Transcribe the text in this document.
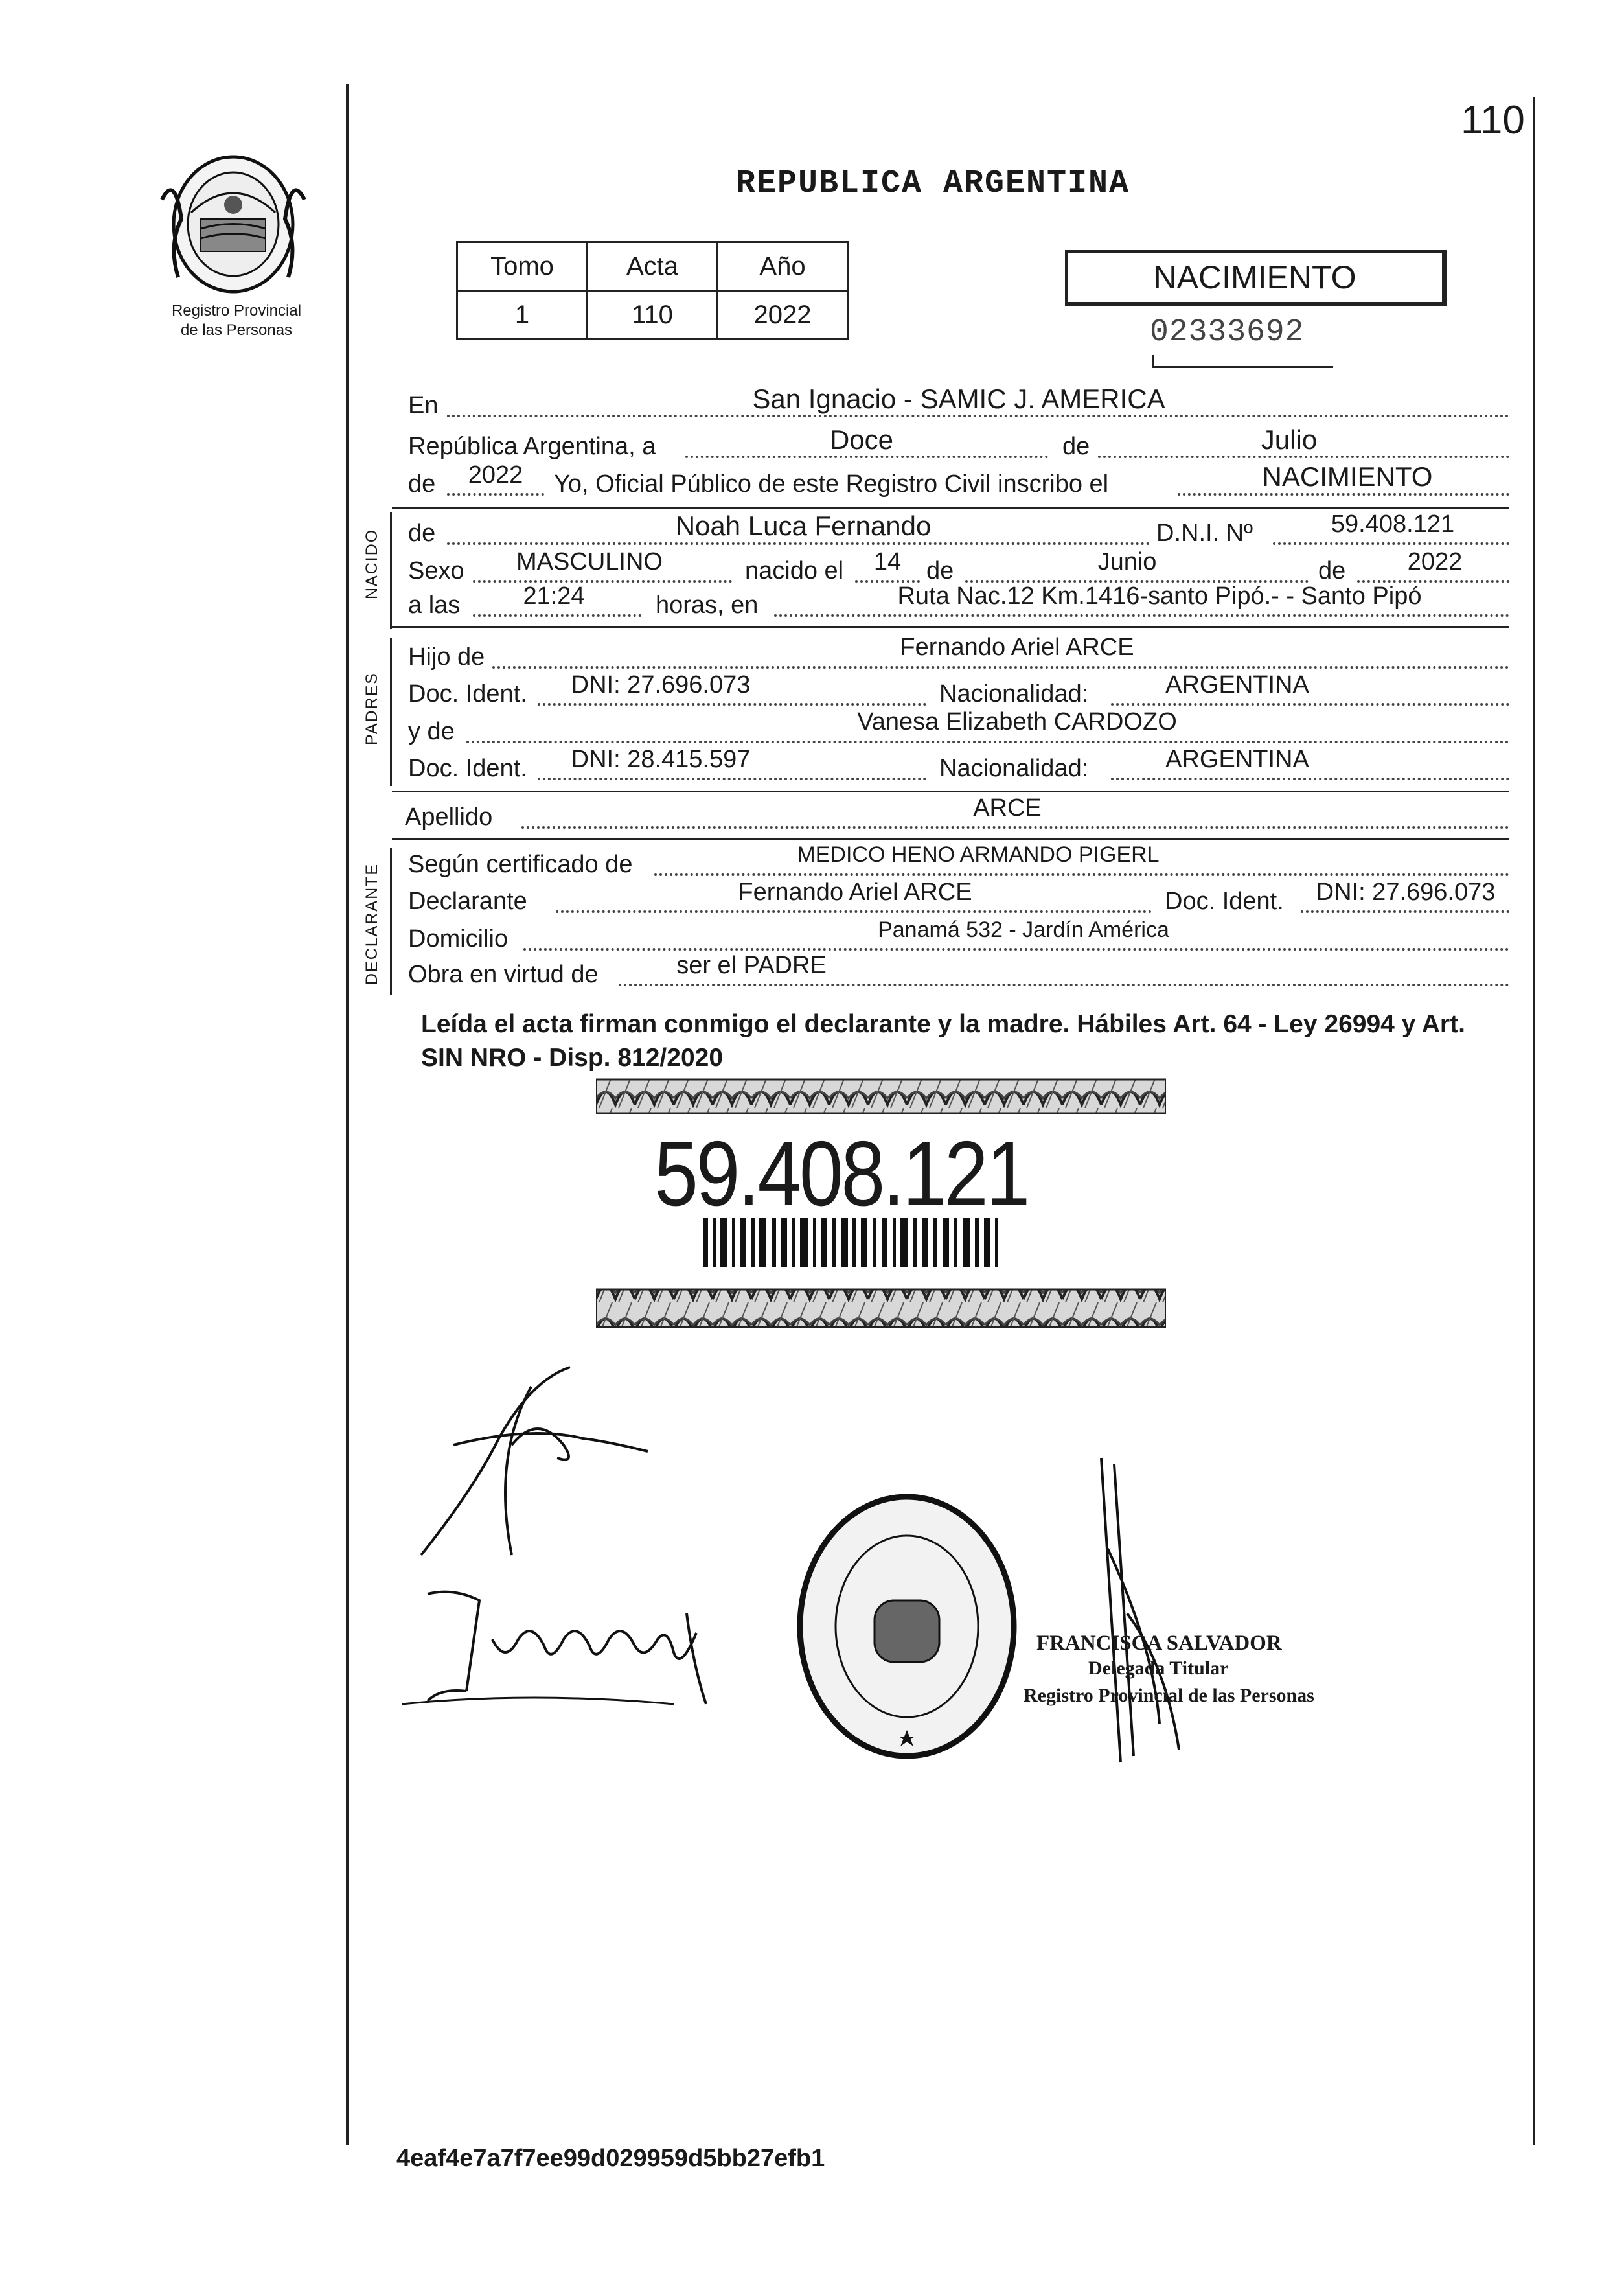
110
Registro Provincial
de las Personas
REPUBLICA ARGENTINA
Tomo	Acta	Año
1	110	2022
NACIMIENTO
02333692
En	San Ignacio - SAMIC J. AMERICA
República Argentina, a	Doce	de	Julio
de	2022	Yo, Oficial Público de este Registro Civil inscribo el	NACIMIENTO
NACIDO de	Noah Luca Fernando	D.N.I. Nº	59.408.121
Sexo	MASCULINO	nacido el	14	de	Junio	de	2022
a las	21:24	horas, en	Ruta Nac.12 Km.1416-santo Pipó.- - Santo Pipó
PADRES
Hijo de	Fernando Ariel ARCE
Doc. Ident.	DNI: 27.696.073	Nacionalidad:	ARGENTINA
y de	Vanesa Elizabeth CARDOZO
Doc. Ident.	DNI: 28.415.597	Nacionalidad:	ARGENTINA
Apellido	ARCE
DECLARANTE Según certificado de	MEDICO HENO ARMANDO PIGERL
Declarante	Fernando Ariel ARCE	Doc. Ident.	DNI: 27.696.073
Domicilio	Panamá 532 - Jardín América
Obra en virtud de	ser el PADRE
Leída el acta firman conmigo el declarante y la madre. Hábiles Art. 64 - Ley 26994 y Art. SIN NRO - Disp. 812/2020
59.408.121
FRANCISCA SALVADOR
Delegada Titular
Registro Provincial de las Personas
4eaf4e7a7f7ee99d029959d5bb27efb1
